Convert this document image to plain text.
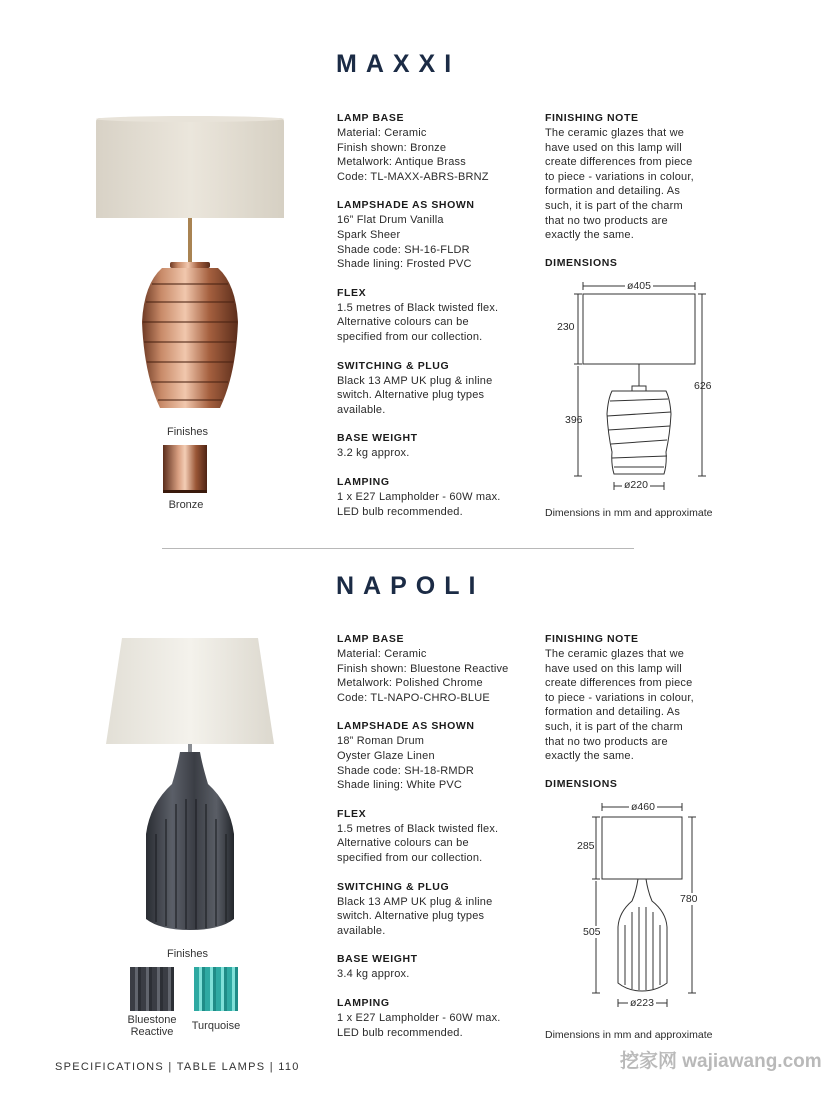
MAXXI
Finishes
Bronze
LAMP BASE
Material: Ceramic
Finish shown: Bronze
Metalwork: Antique Brass
Code: TL-MAXX-ABRS-BRNZ
LAMPSHADE AS SHOWN
16” Flat Drum Vanilla
Spark Sheer
Shade code: SH-16-FLDR
Shade lining: Frosted PVC
FLEX
1.5 metres of Black twisted flex.
Alternative colours can be
specified from our collection.
SWITCHING & PLUG
Black 13 AMP UK plug & inline
switch. Alternative plug types
available.
BASE WEIGHT
3.2 kg approx.
LAMPING
1 x E27 Lampholder - 60W max.
LED bulb recommended.
FINISHING NOTE
The ceramic glazes that we
have used on this lamp will
create differences from piece
to piece - variations in colour,
formation and detailing. As
such, it is part of the charm
that no two products are
exactly the same.
DIMENSIONS
ø405
230
626
396
ø220
Dimensions in mm and approximate
NAPOLI
Finishes
Bluestone
Reactive	Turquoise
LAMP BASE
Material: Ceramic
Finish shown: Bluestone Reactive
Metalwork: Polished Chrome
Code: TL-NAPO-CHRO-BLUE
LAMPSHADE AS SHOWN
18” Roman Drum
Oyster Glaze Linen
Shade code: SH-18-RMDR
Shade lining: White PVC
FLEX
1.5 metres of Black twisted flex.
Alternative colours can be
specified from our collection.
SWITCHING & PLUG
Black 13 AMP UK plug & inline
switch. Alternative plug types
available.
BASE WEIGHT
3.4 kg approx.
LAMPING
1 x E27 Lampholder - 60W max.
LED bulb recommended.
FINISHING NOTE
The ceramic glazes that we
have used on this lamp will
create differences from piece
to piece - variations in colour,
formation and detailing. As
such, it is part of the charm
that no two products are
exactly the same.
DIMENSIONS
ø460
285
780
505
ø223
Dimensions in mm and approximate
SPECIFICATIONS | TABLE LAMPS | 110	挖家网 wajiawang.com
